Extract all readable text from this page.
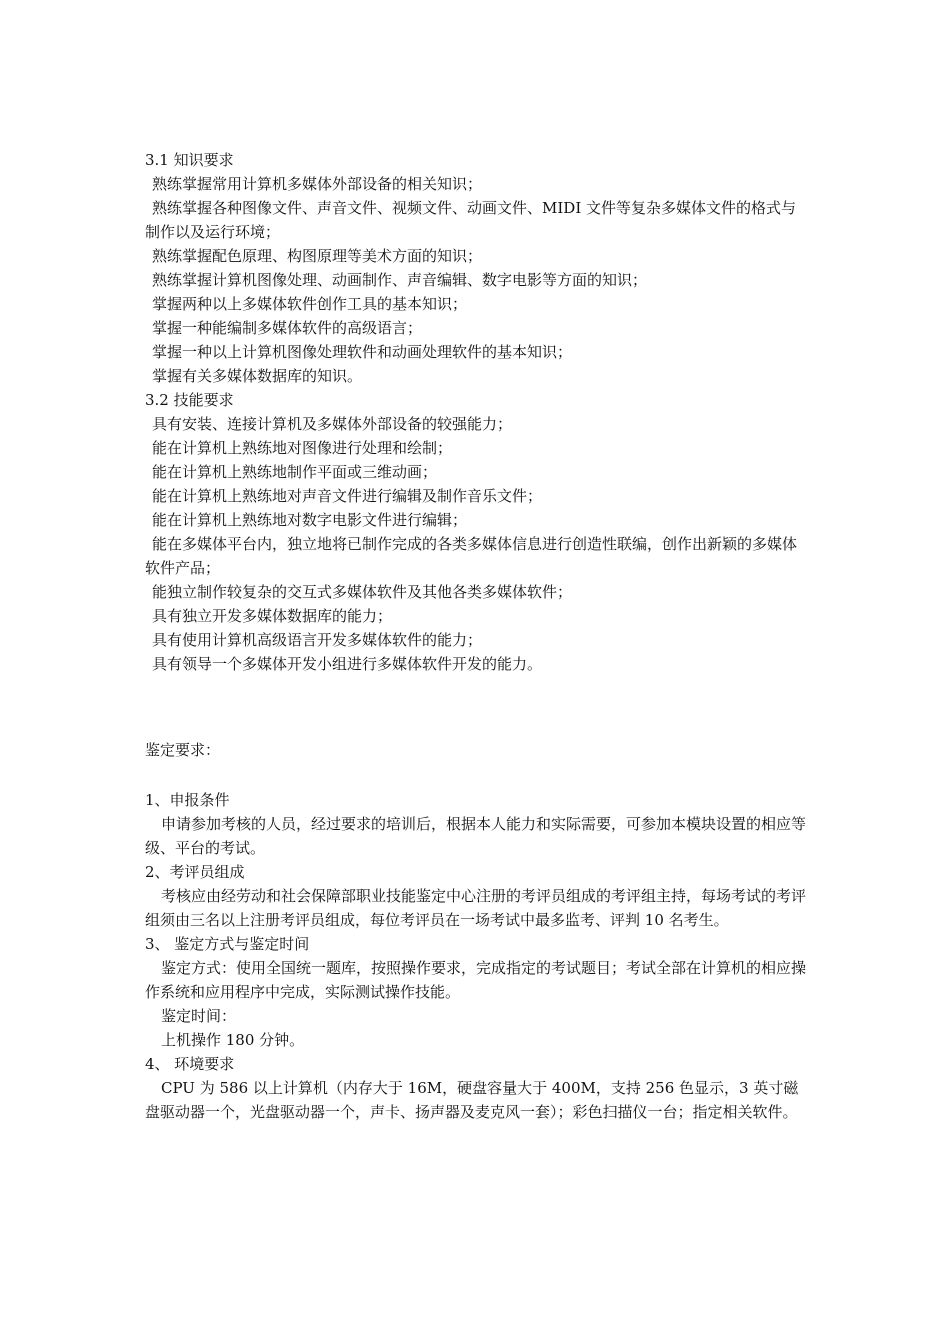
3.1 知识要求

熟练掌握常用计算机多媒体外部设备的相关知识；

熟练掌握各种图像文件、声音文件、视频文件、动画文件、MIDI 文件等复杂多媒体文件的格式与制作以及运行环境；

熟练掌握配色原理、构图原理等美术方面的知识；

熟练掌握计算机图像处理、动画制作、声音编辑、数字电影等方面的知识；

掌握两种以上多媒体软件创作工具的基本知识；

掌握一种能编制多媒体软件的高级语言；

掌握一种以上计算机图像处理软件和动画处理软件的基本知识；

掌握有关多媒体数据库的知识。

3.2 技能要求

具有安装、连接计算机及多媒体外部设备的较强能力；

能在计算机上熟练地对图像进行处理和绘制；

能在计算机上熟练地制作平面或三维动画；

能在计算机上熟练地对声音文件进行编辑及制作音乐文件；

能在计算机上熟练地对数字电影文件进行编辑；

能在多媒体平台内，独立地将已制作完成的各类多媒体信息进行创造性联编，创作出新颖的多媒体软件产品；

能独立制作较复杂的交互式多媒体软件及其他各类多媒体软件；

具有独立开发多媒体数据库的能力；

具有使用计算机高级语言开发多媒体软件的能力；

具有领导一个多媒体开发小组进行多媒体软件开发的能力。

鉴定要求：

1、申报条件

申请参加考核的人员，经过要求的培训后，根据本人能力和实际需要，可参加本模块设置的相应等级、平台的考试。

2、考评员组成

考核应由经劳动和社会保障部职业技能鉴定中心注册的考评员组成的考评组主持，每场考试的考评组须由三名以上注册考评员组成，每位考评员在一场考试中最多监考、评判 10 名考生。

3、 鉴定方式与鉴定时间

鉴定方式：使用全国统一题库，按照操作要求，完成指定的考试题目；考试全部在计算机的相应操作系统和应用程序中完成，实际测试操作技能。

鉴定时间：

上机操作 180 分钟。

4、 环境要求

CPU 为 586 以上计算机（内存大于 16M，硬盘容量大于 400M，支持 256 色显示，3 英寸磁盘驱动器一个，光盘驱动器一个，声卡、扬声器及麦克风一套）；彩色扫描仪一台；指定相关软件。
